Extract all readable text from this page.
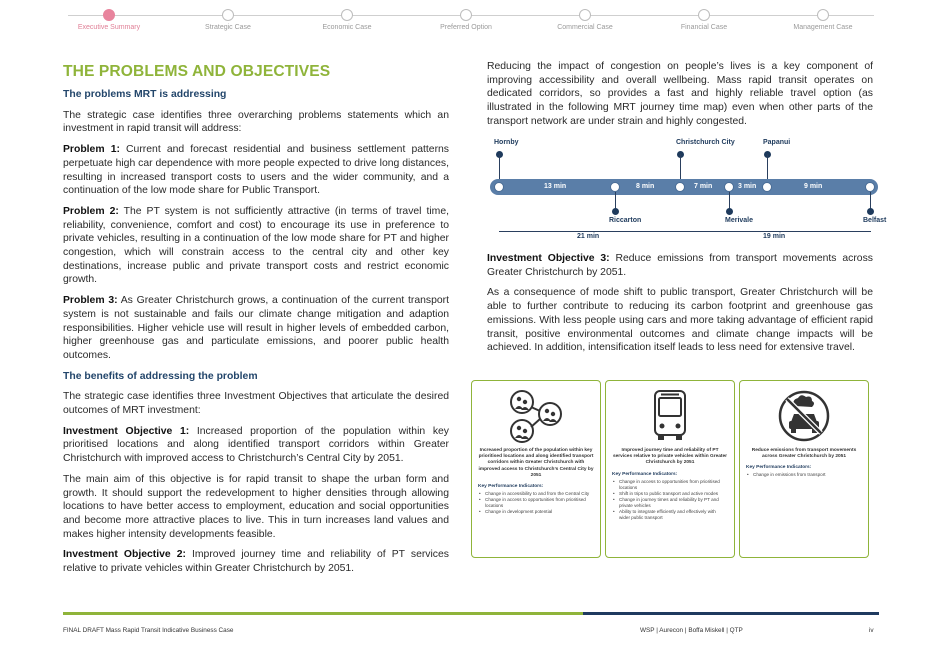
Executive Summary	Strategic Case	Economic Case	Preferred Option	Commercial Case	Financial Case	Management Case
THE PROBLEMS AND OBJECTIVES
The problems MRT is addressing

The strategic case identifies three overarching problems statements which an investment in rapid transit will address:

Problem 1: Current and forecast residential and business settlement patterns perpetuate high car dependence with more people expected to drive long distances, resulting in increased transport costs to users and the wider community, and a continuation of the low mode share for Public Transport.

Problem 2: The PT system is not sufficiently attractive (in terms of travel time, reliability, convenience, comfort and cost) to encourage its use in preference to private vehicles, resulting in a continuation of the low mode share for PT and higher congestion, which will constrain access to the central city and other key destinations, increase public and private transport costs and restrict economic growth.

Problem 3: As Greater Christchurch grows, a continuation of the current transport system is not sustainable and fails our climate change mitigation and adaption responsibilities. Higher vehicle use will result in higher levels of embedded carbon, higher greenhouse gas and particulate emissions, and poorer public health outcomes.

The benefits of addressing the problem

The strategic case identifies three Investment Objectives that articulate the desired outcomes of MRT investment:

Investment Objective 1: Increased proportion of the population within key prioritised locations and along identified transport corridors within Greater Christchurch with improved access to Christchurch’s Central City by 2051.

The main aim of this objective is for rapid transit to shape the urban form and growth. It should support the redevelopment to higher densities through allowing locations to have better access to employment, education and social opportunities and become more attractive places to live. This in turn increases land values and makes higher intensity developments feasible.

Investment Objective 2: Improved journey time and reliability of PT services relative to private vehicles within Greater Christchurch by 2051.

Reducing the impact of congestion on people’s lives is a key component of improving accessibility and overall wellbeing. Mass rapid transit operates on dedicated corridors, so provides a fast and highly reliable travel option (as illustrated in the following MRT journey time map) even when other parts of the transport network are under strain and highly congested.

Hornby	Christchurch City	Papanui
13 min	8 min	7 min	3 min	9 min
Riccarton	Merivale	Belfast
21 min	19 min

Investment Objective 3: Reduce emissions from transport movements across Greater Christchurch by 2051.

As a consequence of mode shift to public transport, Greater Christchurch will be able to further contribute to reducing its carbon footprint and greenhouse gas emissions. With less people using cars and more taking advantage of efficient rapid transit, positive environmental outcomes and climate change impacts will be achieved. In addition, intensification itself leads to less need for extensive travel.

Increased proportion of the population within key prioritised locations and along identified transport corridors within Greater Christchurch with improved access to Christchurch’s Central City by 2051
Key Performance Indicators:
• Change in accessibility to and from the Central City
• Change in access to opportunities from prioritised locations
• Change in development potential
Improved journey time and reliability of PT services relative to private vehicles within Greater Christchurch by 2051
Key Performance Indicators:
• Change in access to opportunities from prioritised locations
• Shift in trips to public transport and active modes
• Change in journey times and reliability by PT and private vehicles
• Ability to integrate efficiently and effectively with wider public transport
Reduce emissions from transport movements across Greater Christchurch by 2051
Key Performance Indicators:
• Change in emissions from transport
FINAL DRAFT Mass Rapid Transit Indicative Business Case	WSP | Aurecon | Boffa Miskell | QTP	iv
